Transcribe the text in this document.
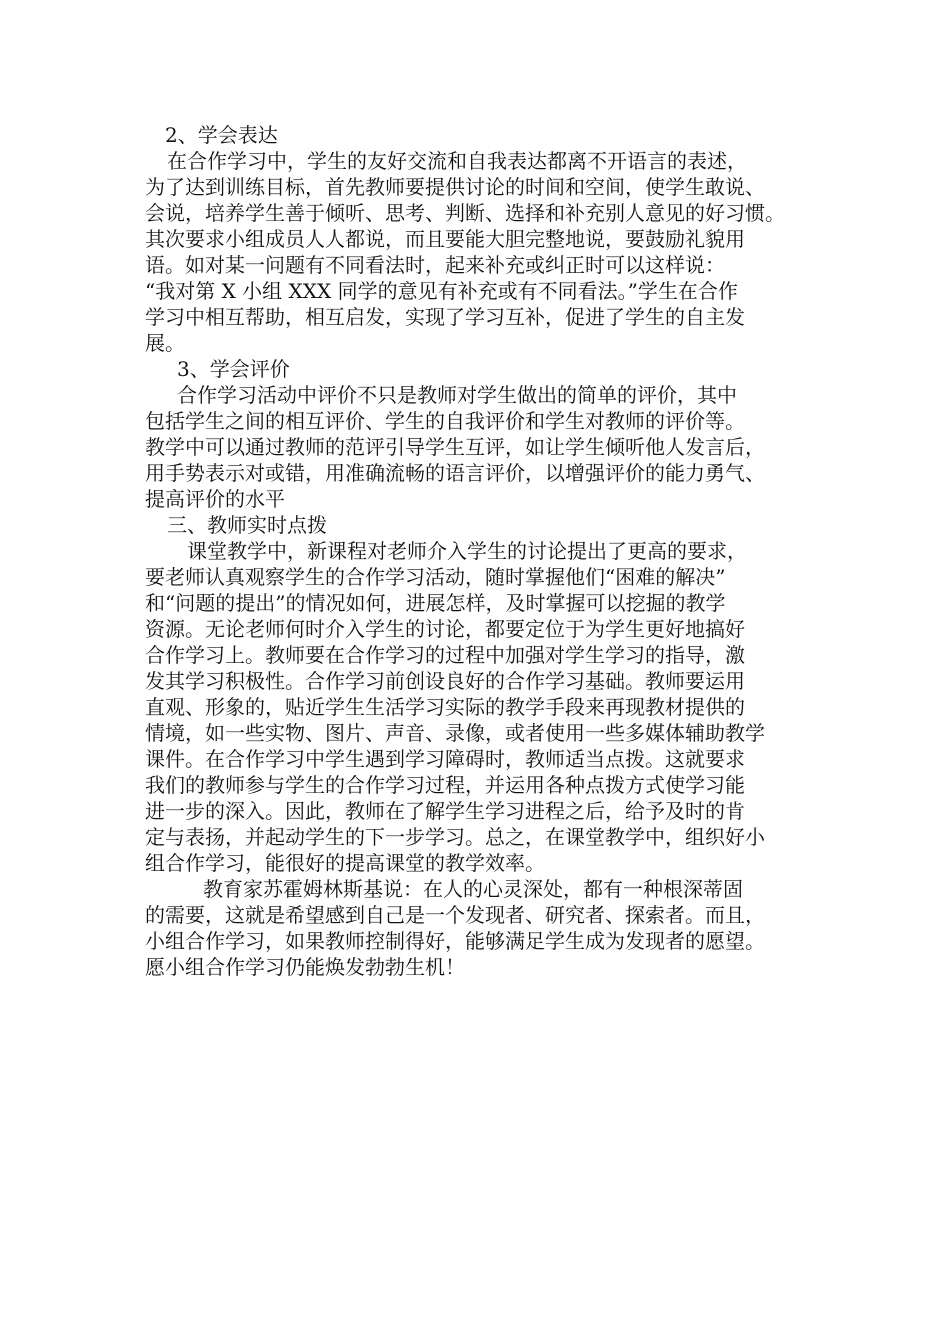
2、学会表达
在合作学习中，学生的友好交流和自我表达都离不开语言的表述，
为了达到训练目标，首先教师要提供讨论的时间和空间，使学生敢说、
会说，培养学生善于倾听、思考、判断、选择和补充别人意见的好习惯。
其次要求小组成员人人都说，而且要能大胆完整地说，要鼓励礼貌用
语。如对某一问题有不同看法时，起来补充或纠正时可以这样说：
“我对第 X 小组 XXX 同学的意见有补充或有不同看法。”学生在合作
学习中相互帮助，相互启发，实现了学习互补，促进了学生的自主发
展。
3、学会评价
合作学习活动中评价不只是教师对学生做出的简单的评价，其中
包括学生之间的相互评价、学生的自我评价和学生对教师的评价等。
教学中可以通过教师的范评引导学生互评，如让学生倾听他人发言后，
用手势表示对或错，用准确流畅的语言评价，以增强评价的能力勇气、
提高评价的水平
三、教师实时点拨
课堂教学中，新课程对老师介入学生的讨论提出了更高的要求，
要老师认真观察学生的合作学习活动，随时掌握他们“困难的解决”
和“问题的提出”的情况如何，进展怎样，及时掌握可以挖掘的教学
资源。无论老师何时介入学生的讨论，都要定位于为学生更好地搞好
合作学习上。教师要在合作学习的过程中加强对学生学习的指导，激
发其学习积极性。合作学习前创设良好的合作学习基础。教师要运用
直观、形象的，贴近学生生活学习实际的教学手段来再现教材提供的
情境，如一些实物、图片、声音、录像，或者使用一些多媒体辅助教学
课件。在合作学习中学生遇到学习障碍时，教师适当点拨。这就要求
我们的教师参与学生的合作学习过程，并运用各种点拨方式使学习能
进一步的深入。因此，教师在了解学生学习进程之后，给予及时的肯
定与表扬，并起动学生的下一步学习。总之，在课堂教学中，组织好小
组合作学习，能很好的提高课堂的教学效率。
教育家苏霍姆林斯基说：在人的心灵深处，都有一种根深蒂固
的需要，这就是希望感到自己是一个发现者、研究者、探索者。而且，
小组合作学习，如果教师控制得好，能够满足学生成为发现者的愿望。
愿小组合作学习仍能焕发勃勃生机！
